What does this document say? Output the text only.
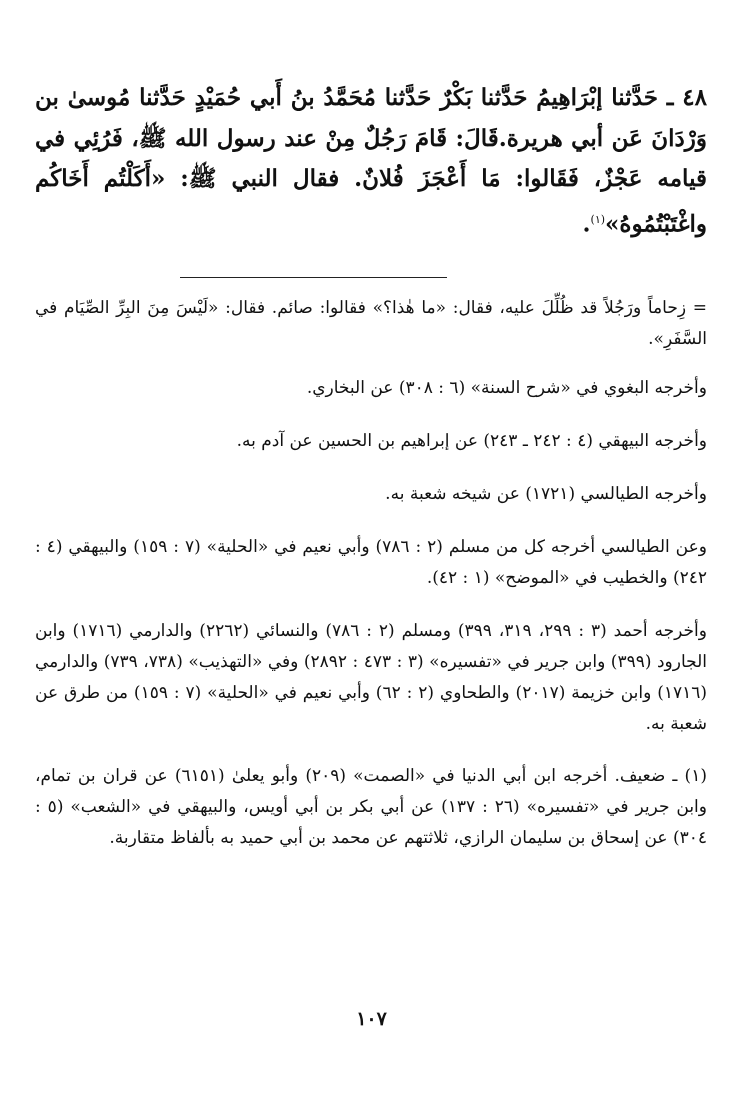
٤٨ ـ حَدَّثنا إبْرَاهِيمُ حَدَّثنا بَكْرٌ حَدَّثنا مُحَمَّدُ بنُ أَبي حُمَيْدٍ حَدَّثنا مُوسىٰ بن وَرْدَانَ عَن أبي هريرة.قَالَ: قَامَ رَجُلٌ مِنْ عند رسول الله ﷺ، فَرُئِي في قيامه عَجْزٌ، فَقَالوا: مَا أَعْجَزَ فُلانٌ. فقال النبي ﷺ: «أَكَلْتُم أَخَاكُم واغْتَبْتُمُوهُ»$^{(١)}$.

= زِحاماً ورَجُلاً قد ظُلِّلَ عليه، فقال: «ما هٰذا؟» فقالوا: صائم. فقال: «لَيْسَ مِنَ البِرِّ الصِّيَام في السَّفَرِ».

وأخرجه البغوي في «شرح السنة» (٦ : ٣٠٨) عن البخاري.

وأخرجه البيهقي (٤ : ٢٤٢ ـ ٢٤٣) عن إبراهيم بن الحسين عن آدم به.

وأخرجه الطيالسي (١٧٢١) عن شيخه شعبة به.

وعن الطيالسي أخرجه كل من مسلم (٢ : ٧٨٦) وأبي نعيم في «الحلية» (٧ : ١٥٩) والبيهقي (٤ : ٢٤٢) والخطيب في «الموضح» (١ : ٤٢).

وأخرجه أحمد (٣ : ٢٩٩، ٣١٩، ٣٩٩) ومسلم (٢ : ٧٨٦) والنسائي (٢٢٦٢) والدارمي (١٧١٦) وابن الجارود (٣٩٩) وابن جرير في «تفسيره» (٣ : ٤٧٣ : ٢٨٩٢) وفي «التهذيب» (٧٣٨، ٧٣٩) والدارمي (١٧١٦) وابن خزيمة (٢٠١٧) والطحاوي (٢ : ٦٢) وأبي نعيم في «الحلية» (٧ : ١٥٩) من طرق عن شعبة به.

(١) ـ ضعيف. أخرجه ابن أبي الدنيا في «الصمت» (٢٠٩) وأبو يعلىٰ (٦١٥١) عن قران بن تمام، وابن جرير في «تفسيره» (٢٦ : ١٣٧) عن أبي بكر بن أبي أويس، والبيهقي في «الشعب» (٥ : ٣٠٤) عن إسحاق بن سليمان الرازي، ثلاثتهم عن محمد بن أبي حميد به بألفاظ متقاربة.

١٠٧
